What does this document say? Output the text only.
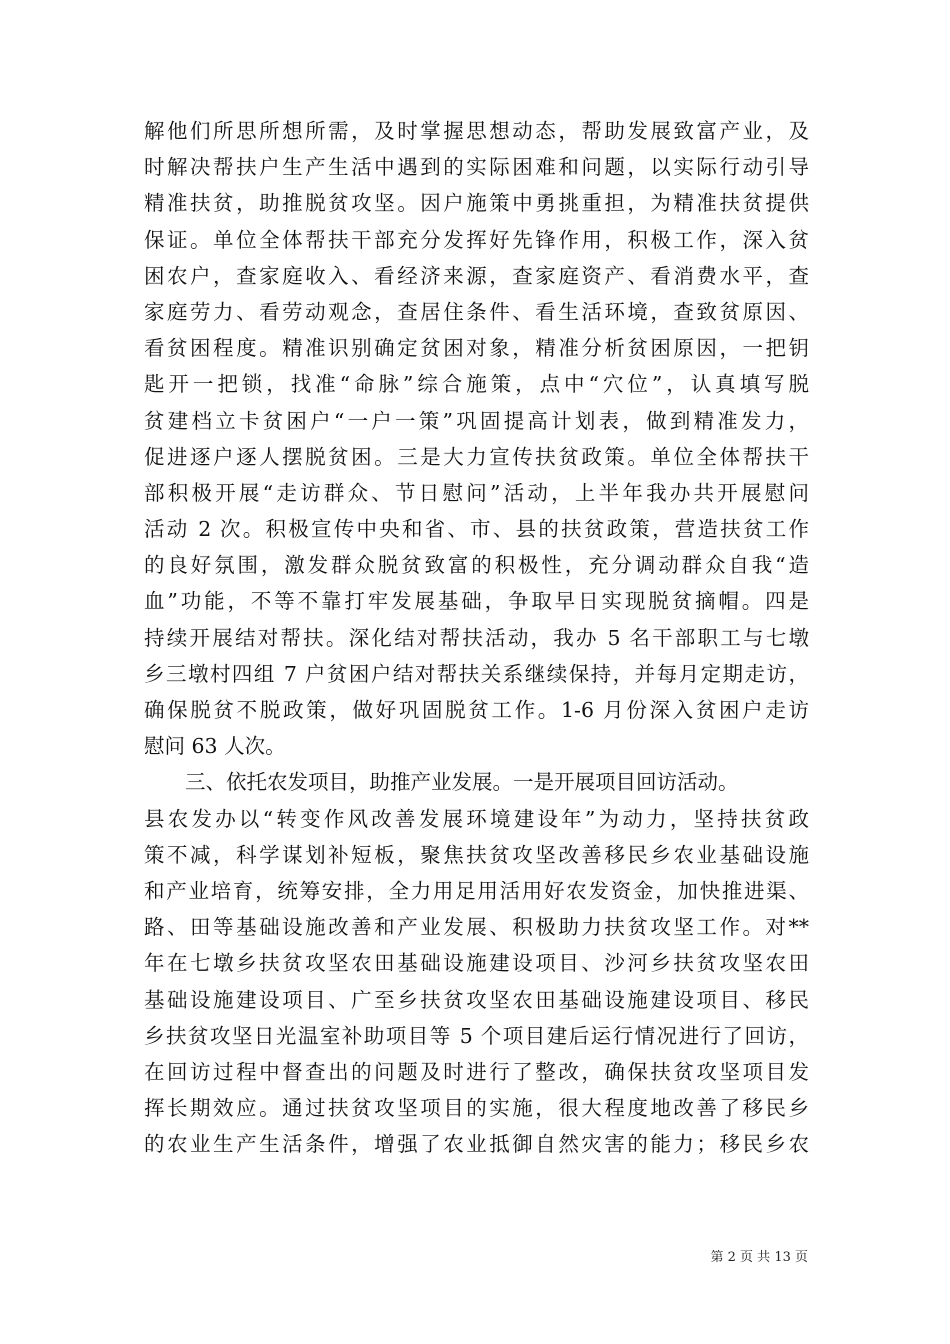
解他们所思所想所需，及时掌握思想动态，帮助发展致富产业，及
时解决帮扶户生产生活中遇到的实际困难和问题，以实际行动引导
精准扶贫，助推脱贫攻坚。因户施策中勇挑重担，为精准扶贫提供
保证。单位全体帮扶干部充分发挥好先锋作用，积极工作，深入贫
困农户，查家庭收入、看经济来源，查家庭资产、看消费水平，查
家庭劳力、看劳动观念，查居住条件、看生活环境，查致贫原因、
看贫困程度。精准识别确定贫困对象，精准分析贫困原因，一把钥
匙开一把锁，找准“命脉”综合施策，点中“穴位”，认真填写脱
贫建档立卡贫困户“一户一策”巩固提高计划表，做到精准发力，
促进逐户逐人摆脱贫困。三是大力宣传扶贫政策。单位全体帮扶干
部积极开展“走访群众、节日慰问”活动，上半年我办共开展慰问
活动 2 次。积极宣传中央和省、市、县的扶贫政策，营造扶贫工作
的良好氛围，激发群众脱贫致富的积极性，充分调动群众自我“造
血”功能，不等不靠打牢发展基础，争取早日实现脱贫摘帽。四是
持续开展结对帮扶。深化结对帮扶活动，我办 5 名干部职工与七墩
乡三墩村四组 7 户贫困户结对帮扶关系继续保持，并每月定期走访，
确保脱贫不脱政策，做好巩固脱贫工作。1-6 月份深入贫困户走访
慰问 63 人次。
三、依托农发项目，助推产业发展。一是开展项目回访活动。
县农发办以“转变作风改善发展环境建设年”为动力，坚持扶贫政
策不减，科学谋划补短板，聚焦扶贫攻坚改善移民乡农业基础设施
和产业培育，统筹安排，全力用足用活用好农发资金，加快推进渠、
路、田等基础设施改善和产业发展、积极助力扶贫攻坚工作。对**
年在七墩乡扶贫攻坚农田基础设施建设项目、沙河乡扶贫攻坚农田
基础设施建设项目、广至乡扶贫攻坚农田基础设施建设项目、移民
乡扶贫攻坚日光温室补助项目等 5 个项目建后运行情况进行了回访，
在回访过程中督查出的问题及时进行了整改，确保扶贫攻坚项目发
挥长期效应。通过扶贫攻坚项目的实施，很大程度地改善了移民乡
的农业生产生活条件，增强了农业抵御自然灾害的能力；移民乡农
第 2 页 共 13 页
